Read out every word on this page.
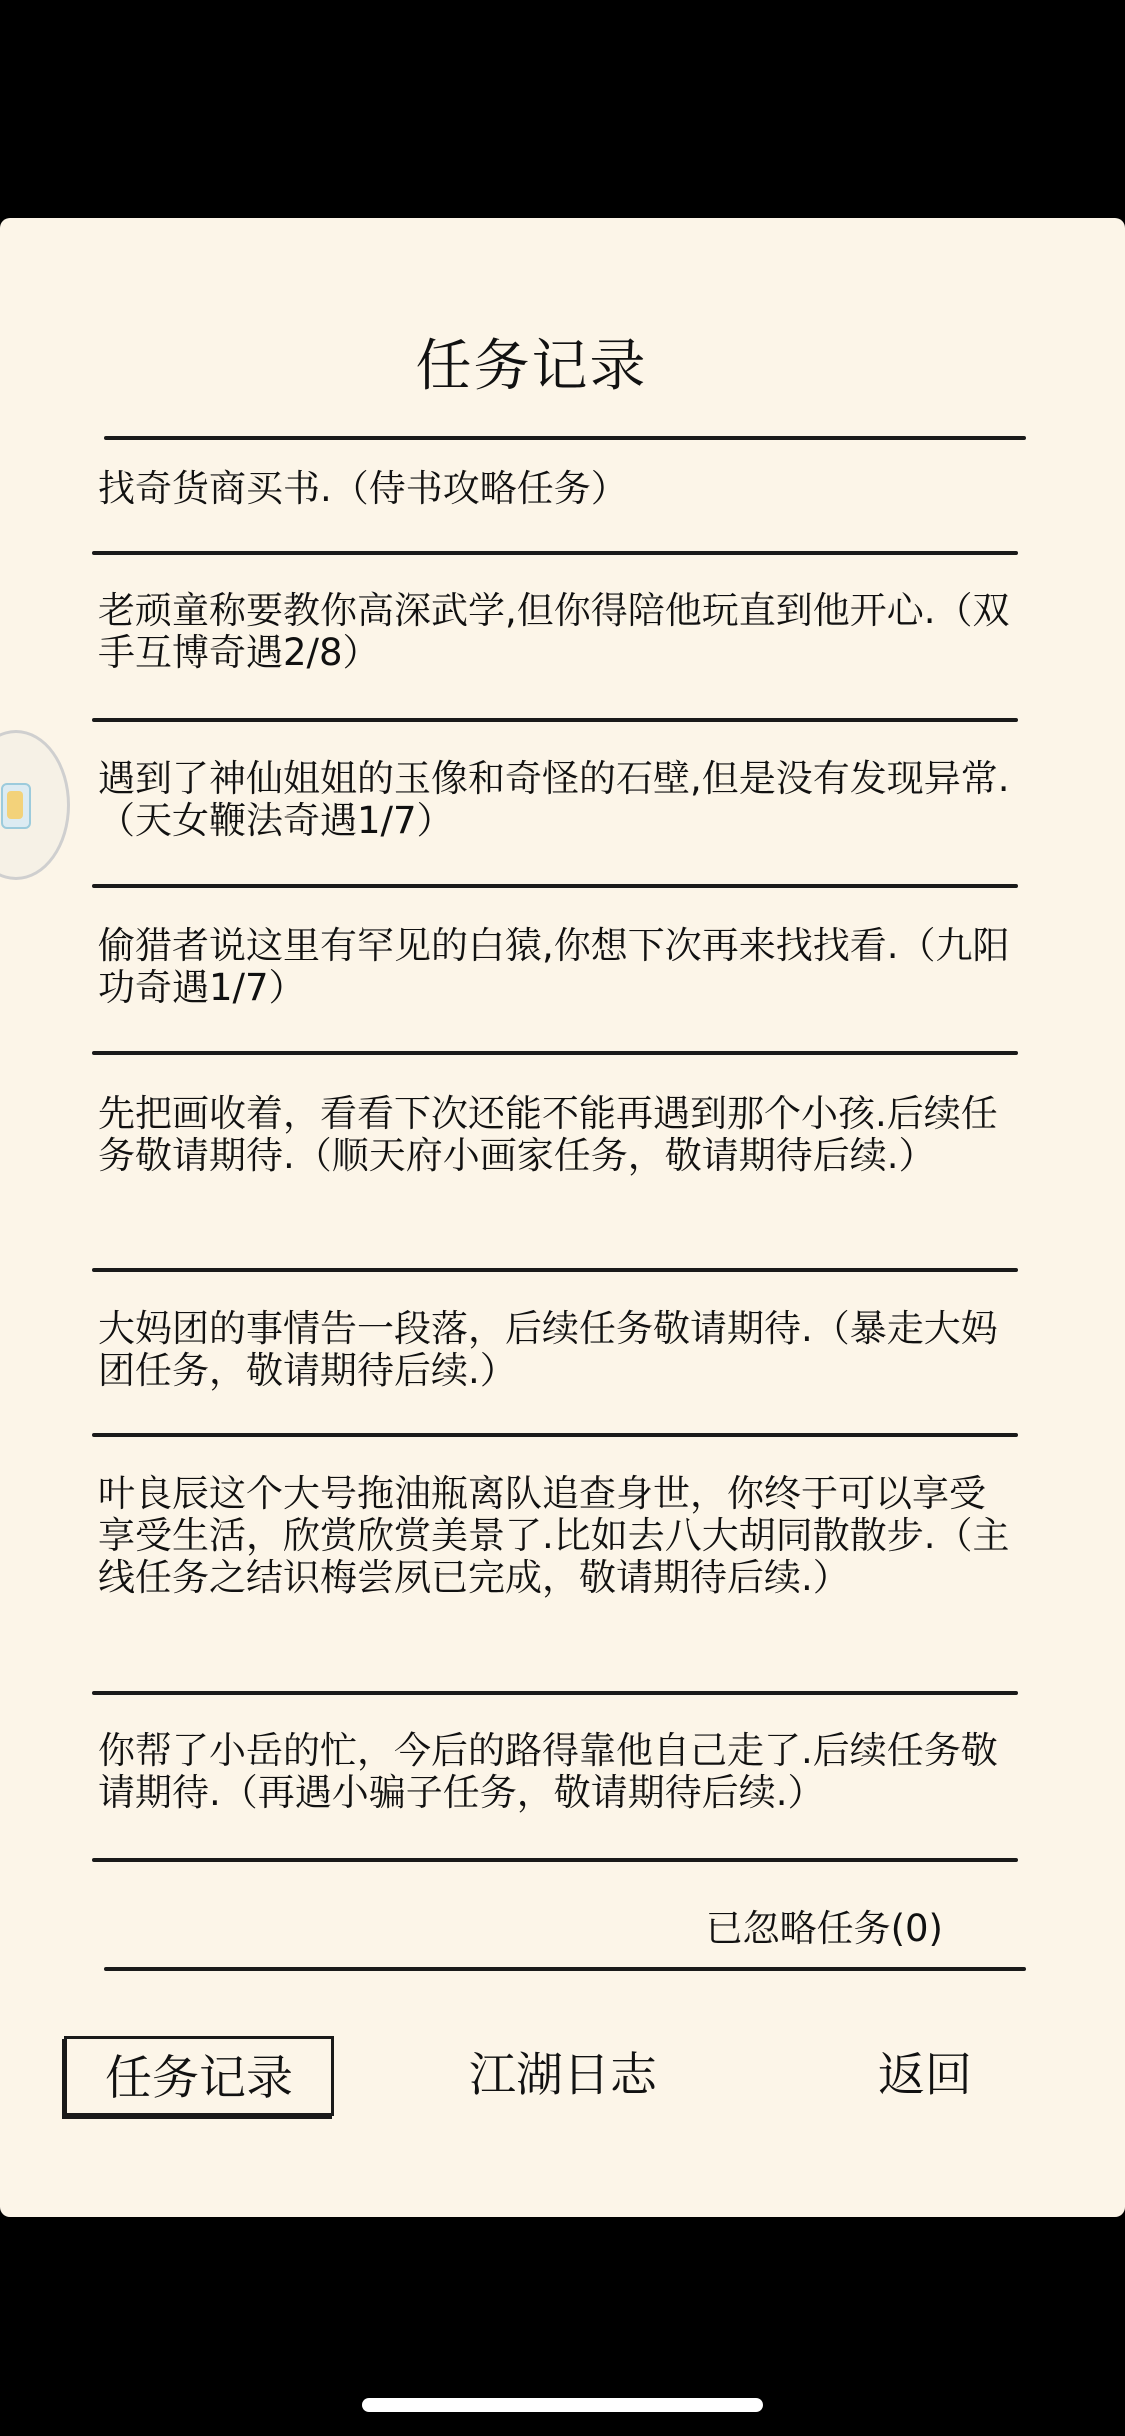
任务记录
找奇货商买书.（侍书攻略任务）
老顽童称要教你高深武学,但你得陪他玩直到他开心.（双手互博奇遇2/8）
遇到了神仙姐姐的玉像和奇怪的石壁,但是没有发现异常.（天女鞭法奇遇1/7）
偷猎者说这里有罕见的白猿,你想下次再来找找看.（九阳功奇遇1/7）
先把画收着，看看下次还能不能再遇到那个小孩.后续任务敬请期待.（顺天府小画家任务，敬请期待后续.）
大妈团的事情告一段落，后续任务敬请期待.（暴走大妈团任务，敬请期待后续.）
叶良辰这个大号拖油瓶离队追查身世，你终于可以享受享受生活，欣赏欣赏美景了.比如去八大胡同散散步.（主线任务之结识梅尝夙已完成，敬请期待后续.）
你帮了小岳的忙，今后的路得靠他自己走了.后续任务敬请期待.（再遇小骗子任务，敬请期待后续.）
已忽略任务(0)
任务记录	江湖日志	返回
